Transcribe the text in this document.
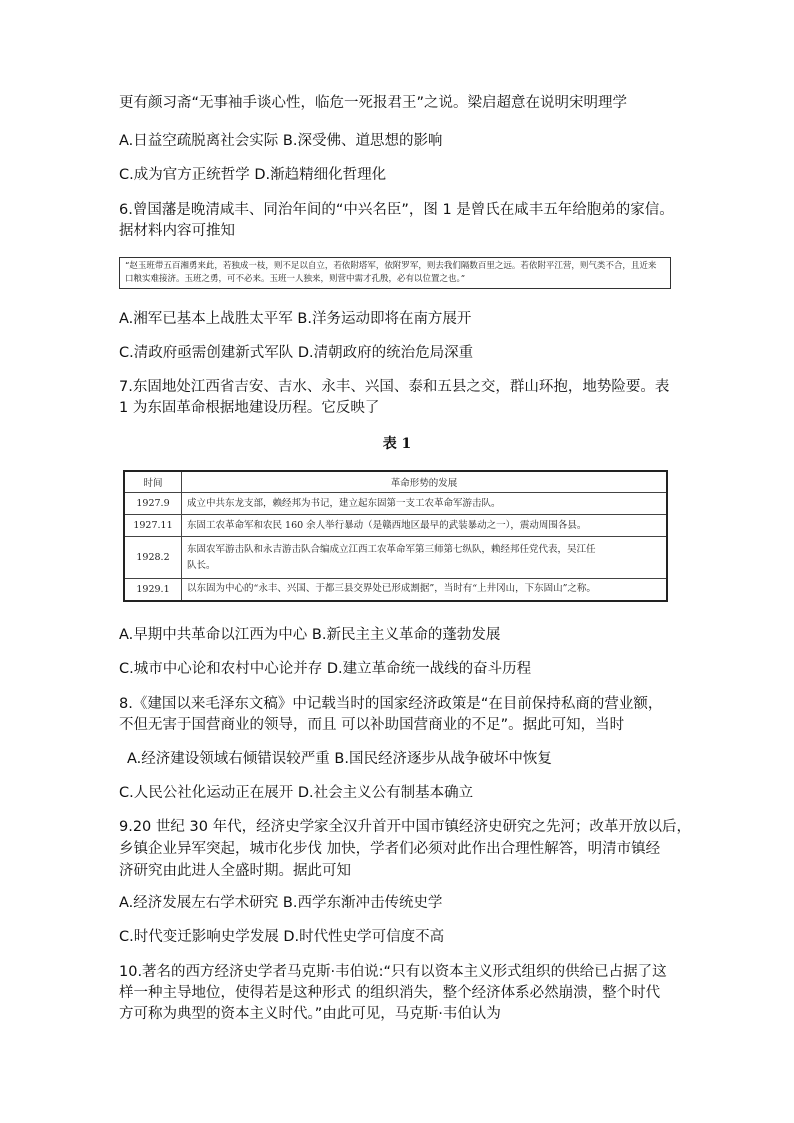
更有颜习斋“无事袖手谈心性，临危一死报君王”之说。梁启超意在说明宋明理学
A.日益空疏脱离社会实际 B.深受佛、道思想的影响
C.成为官方正统哲学 D.渐趋精细化哲理化
6.曾国藩是晚清咸丰、同治年间的“中兴名臣”，图 1 是曾氏在咸丰五年给胞弟的家信。
据材料内容可推知
“赵玉班带五百湘勇来此，若独成一枝，则不足以自立，若依附塔军，依附罗军，则去我们隔数百里之远。若依附平江营，则气类不合，且近来
口粮实难接济。玉班之勇，可不必来。玉班一人独来，则营中需才孔殷，必有以位置之也。”
A.湘军已基本上战胜太平军 B.洋务运动即将在南方展开
C.清政府亟需创建新式军队 D.清朝政府的统治危局深重
7.东固地处江西省吉安、吉水、永丰、兴国、泰和五县之交，群山环抱，地势险要。表
1 为东固革命根据地建设历程。它反映了
表 1
时间	革命形势的发展
1927.9	成立中共东龙支部，赖经邦为书记，建立起东固第一支工农革命军游击队。
1927.11	东固工农革命军和农民 160 余人举行暴动（是赣西地区最早的武装暴动之一），震动周围各县。
1928.2	东固农军游击队和永吉游击队合编成立江西工农革命军第三师第七纵队，赖经邦任党代表，吴江任
队长。

1929.1	以东固为中心的“永丰、兴国、于都三县交界处已形成割据”，当时有“上井冈山，下东固山”之称。
A.早期中共革命以江西为中心 B.新民主主义革命的蓬勃发展
C.城市中心论和农村中心论并存 D.建立革命统一战线的奋斗历程
8.《建国以来毛泽东文稿》中记载当时的国家经济政策是“在目前保持私商的营业额，
不但无害于国营商业的领导，而且 可以补助国营商业的不足”。据此可知，当时
A.经济建设领域右倾错误较严重 B.国民经济逐步从战争破坏中恢复
C.人民公社化运动正在展开 D.社会主义公有制基本确立
9.20 世纪 30 年代，经济史学家全汉升首开中国市镇经济史研究之先河；改革开放以后，
乡镇企业异军突起，城市化步伐 加快，学者们必须对此作出合理性解答，明清市镇经
济研究由此进人全盛时期。据此可知
A.经济发展左右学术研究 B.西学东渐冲击传统史学
C.时代变迁影响史学发展 D.时代性史学可信度不高
10.著名的西方经济史学者马克斯·韦伯说:“只有以资本主义形式组织的供给已占据了这
样一种主导地位，使得若是这种形式 的组织消失，整个经济体系必然崩溃，整个时代
方可称为典型的资本主义时代。”由此可见，马克斯·韦伯认为
